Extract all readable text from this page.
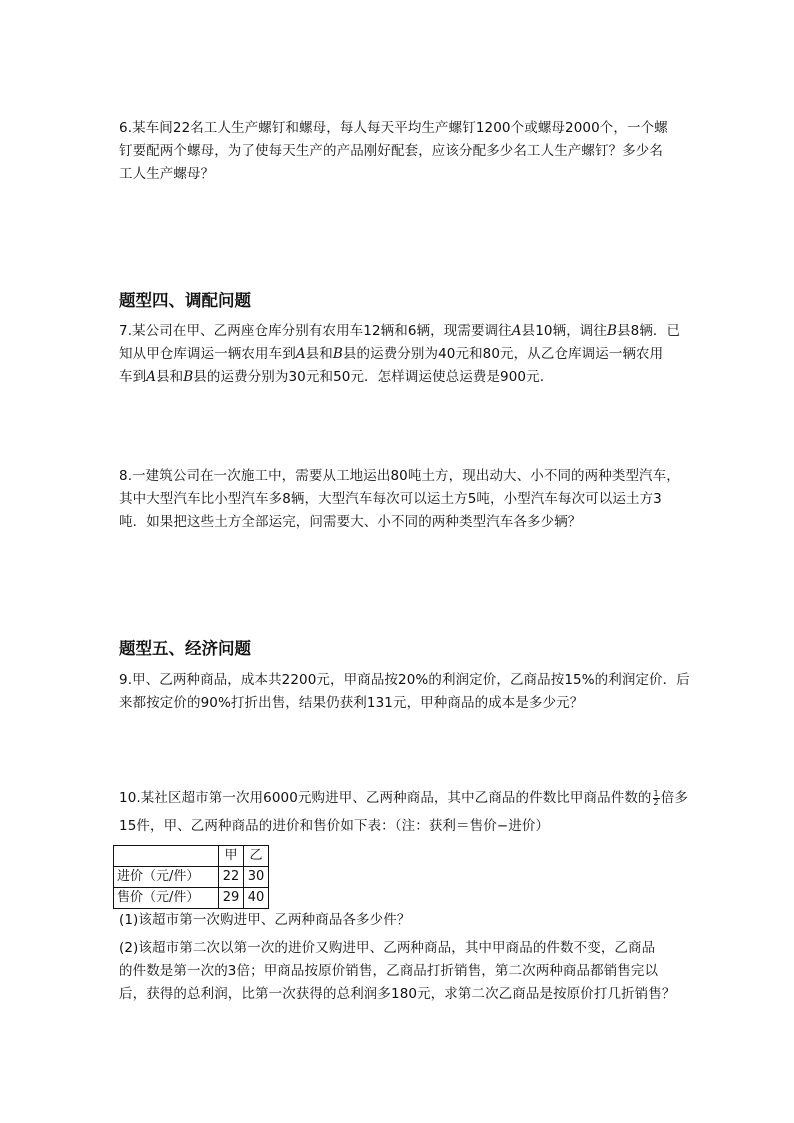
6.某车间22名工人生产螺钉和螺母，每人每天平均生产螺钉1200个或螺母2000个，一个螺
钉要配两个螺母，为了使每天生产的产品刚好配套，应该分配多少名工人生产螺钉？多少名
工人生产螺母？
题型四、调配问题
7.某公司在甲、乙两座仓库分别有农用车12辆和6辆，现需要调往A县10辆，调往B县8辆．已
知从甲仓库调运一辆农用车到A县和B县的运费分别为40元和80元，从乙仓库调运一辆农用
车到A县和B县的运费分别为30元和50元．怎样调运使总运费是900元．
8.一建筑公司在一次施工中，需要从工地运出80吨土方，现出动大、小不同的两种类型汽车，
其中大型汽车比小型汽车多8辆，大型汽车每次可以运土方5吨，小型汽车每次可以运土方3
吨．如果把这些土方全部运完，问需要大、小不同的两种类型汽车各多少辆？
题型五、经济问题
9.甲、乙两种商品，成本共2200元，甲商品按20%的利润定价，乙商品按15%的利润定价．后
来都按定价的90%打折出售，结果仍获利131元，甲种商品的成本是多少元？
10.某社区超市第一次用6000元购进甲、乙两种商品，其中乙商品的件数比甲商品件数的 $\frac{1}{2}$ 倍多
15件，甲、乙两种商品的进价和售价如下表：（注：获利＝售价−进价）
	甲	乙
进价（元/件）	22	30
售价（元/件）	29	40
(1)该超市第一次购进甲、乙两种商品各多少件？
(2)该超市第二次以第一次的进价又购进甲、乙两种商品，其中甲商品的件数不变，乙商品
的件数是第一次的3倍；甲商品按原价销售，乙商品打折销售，第二次两种商品都销售完以
后，获得的总利润，比第一次获得的总利润多180元，求第二次乙商品是按原价打几折销售？
